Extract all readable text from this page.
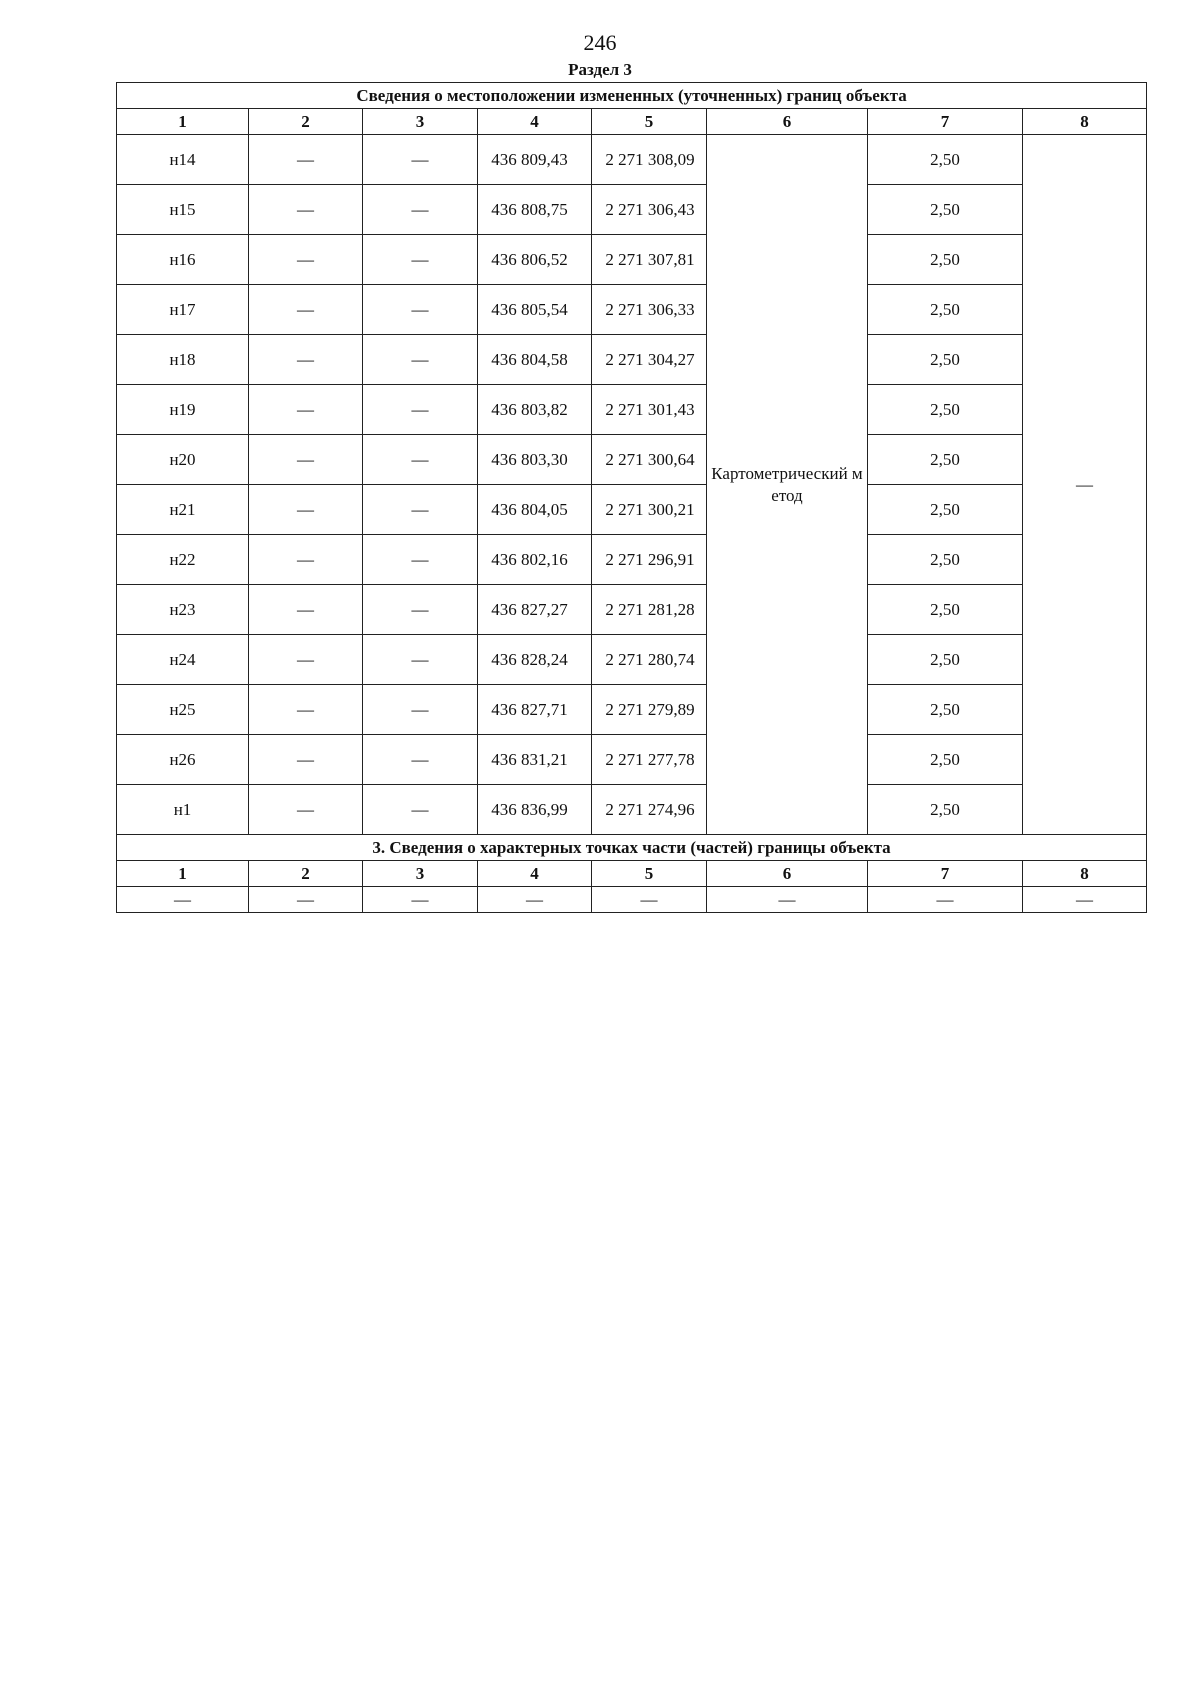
246
Раздел 3
Сведения о местоположении измененных (уточненных) границ объекта							
1	2	3	4	5	6	7	8
н14	—	—	436 809,43	2 271 308,09	Картометрический метод	2,50	—
н15	—	—	436 808,75	2 271 306,43		2,50	
н16	—	—	436 806,52	2 271 307,81		2,50	
н17	—	—	436 805,54	2 271 306,33		2,50	
н18	—	—	436 804,58	2 271 304,27		2,50	
н19	—	—	436 803,82	2 271 301,43		2,50	
н20	—	—	436 803,30	2 271 300,64		2,50	
н21	—	—	436 804,05	2 271 300,21		2,50	
н22	—	—	436 802,16	2 271 296,91		2,50	
н23	—	—	436 827,27	2 271 281,28		2,50	
н24	—	—	436 828,24	2 271 280,74		2,50	
н25	—	—	436 827,71	2 271 279,89		2,50	
н26	—	—	436 831,21	2 271 277,78		2,50	
н1	—	—	436 836,99	2 271 274,96		2,50	
3. Сведения о характерных точках части (частей) границы объекта							
1	2	3	4	5	6	7	8
—	—	—	—	—	—	—	—
